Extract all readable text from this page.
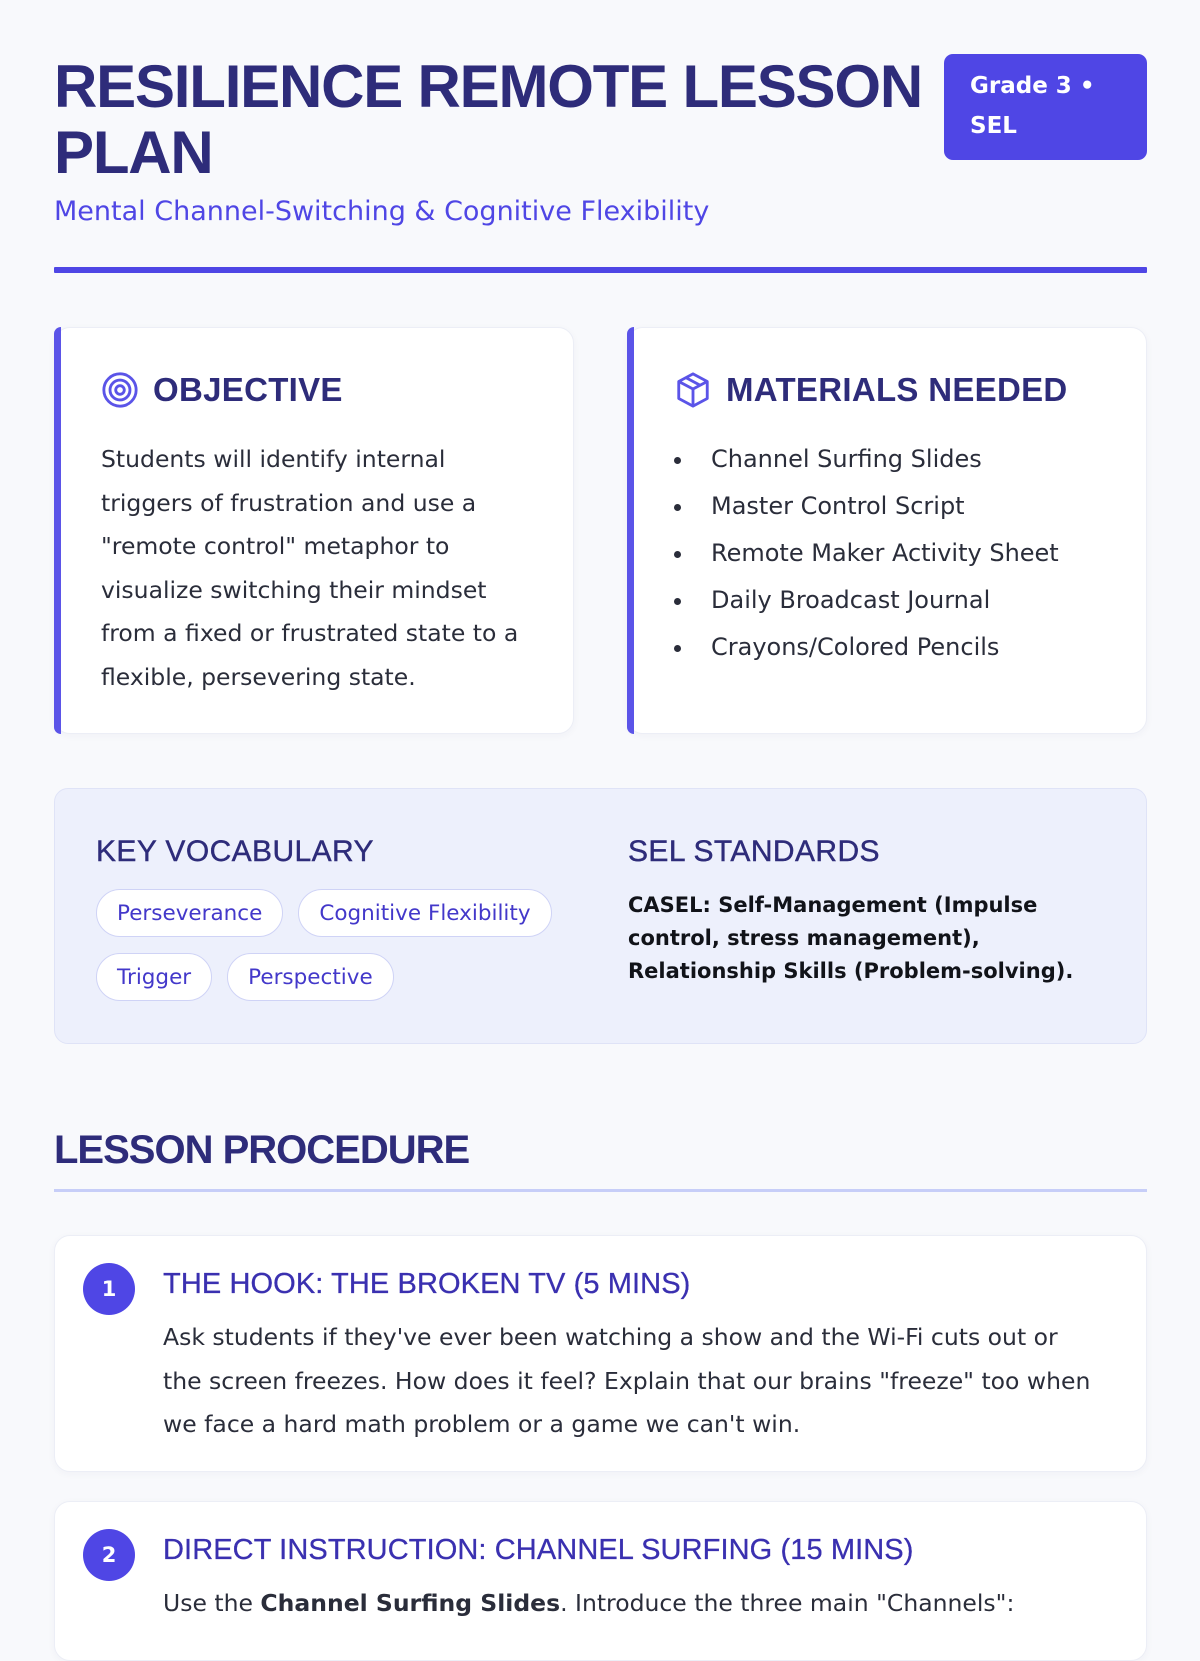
RESILIENCE REMOTE LESSON PLAN
Grade 3 • SEL
Mental Channel-Switching & Cognitive Flexibility
OBJECTIVE

Students will identify internal triggers of frustration and use a "remote control" metaphor to visualize switching their mindset from a fixed or frustrated state to a flexible, persevering state.

MATERIALS NEEDED
Channel Surfing Slides
Master Control Script
Remote Maker Activity Sheet
Daily Broadcast Journal
Crayons/Colored Pencils
KEY VOCABULARY
Perseverance	Cognitive Flexibility
Trigger	Perspective
SEL STANDARDS

CASEL: Self-Management (Impulse control, stress management), Relationship Skills (Problem-solving).

LESSON PROCEDURE
1	THE HOOK: THE BROKEN TV (5 MINS)

Ask students if they've ever been watching a show and the Wi-Fi cuts out or the screen freezes. How does it feel? Explain that our brains "freeze" too when we face a hard math problem or a game we can't win.

2	DIRECT INSTRUCTION: CHANNEL SURFING (15 MINS)

Use the Channel Surfing Slides. Introduce the three main "Channels":
